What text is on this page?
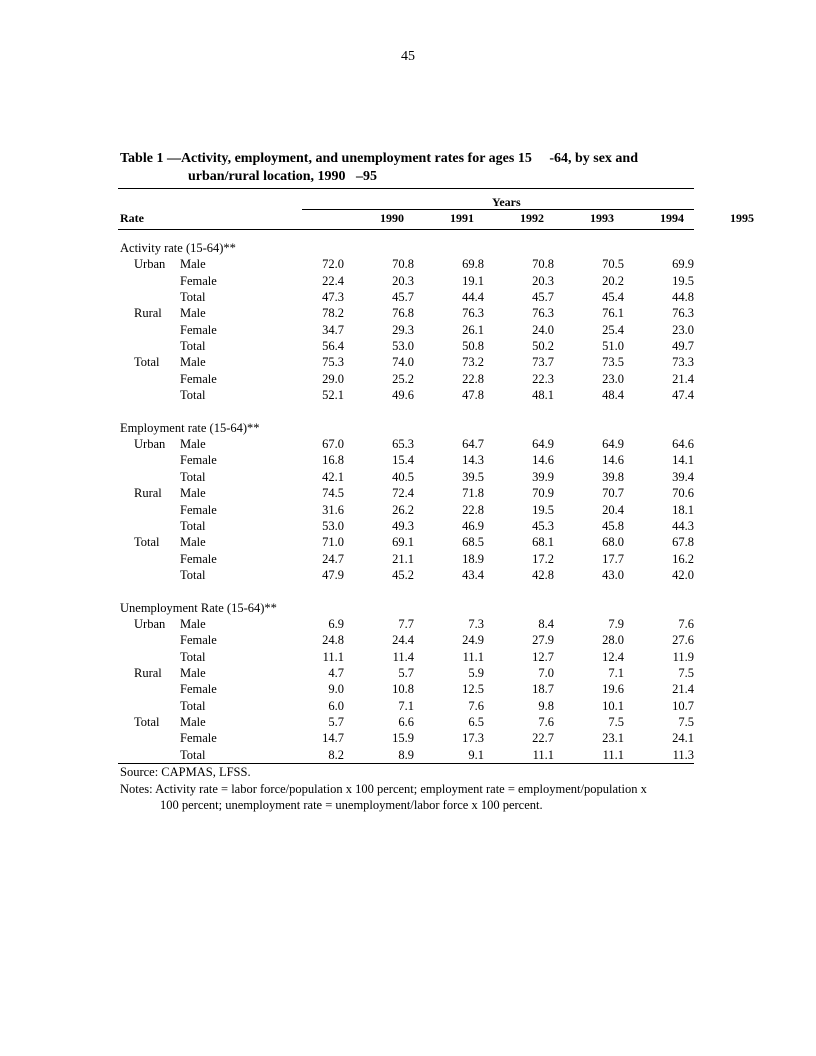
45
Table 1 —Activity, employment, and unemployment rates for ages 15     -64, by sex and
urban/rural location, 1990   –95
Years
Rate	1990	1991	1992	1993	1994	1995
Activity rate (15-64)**
Urban Male	72.0	70.8	69.8	70.8	70.5	69.9
Female	22.4	20.3	19.1	20.3	20.2	19.5
Total	47.3	45.7	44.4	45.7	45.4	44.8
Rural Male	78.2	76.8	76.3	76.3	76.1	76.3
Female	34.7	29.3	26.1	24.0	25.4	23.0
Total	56.4	53.0	50.8	50.2	51.0	49.7
Total Male	75.3	74.0	73.2	73.7	73.5	73.3
Female	29.0	25.2	22.8	22.3	23.0	21.4
Total	52.1	49.6	47.8	48.1	48.4	47.4
Employment rate (15-64)**
Urban Male	67.0	65.3	64.7	64.9	64.9	64.6
Female	16.8	15.4	14.3	14.6	14.6	14.1
Total	42.1	40.5	39.5	39.9	39.8	39.4
Rural Male	74.5	72.4	71.8	70.9	70.7	70.6
Female	31.6	26.2	22.8	19.5	20.4	18.1
Total	53.0	49.3	46.9	45.3	45.8	44.3
Total Male	71.0	69.1	68.5	68.1	68.0	67.8
Female	24.7	21.1	18.9	17.2	17.7	16.2
Total	47.9	45.2	43.4	42.8	43.0	42.0
Unemployment Rate (15-64)**
Urban Male	6.9	7.7	7.3	8.4	7.9	7.6
Female	24.8	24.4	24.9	27.9	28.0	27.6
Total	11.1	11.4	11.1	12.7	12.4	11.9
Rural Male	4.7	5.7	5.9	7.0	7.1	7.5
Female	9.0	10.8	12.5	18.7	19.6	21.4
Total	6.0	7.1	7.6	9.8	10.1	10.7
Total Male	5.7	6.6	6.5	7.6	7.5	7.5
Female	14.7	15.9	17.3	22.7	23.1	24.1
Total	8.2	8.9	9.1	11.1	11.1	11.3
Source: CAPMAS, LFSS.
Notes: Activity rate = labor force/population x 100 percent; employment rate = employment/population x
100 percent; unemployment rate = unemployment/labor force x 100 percent.
